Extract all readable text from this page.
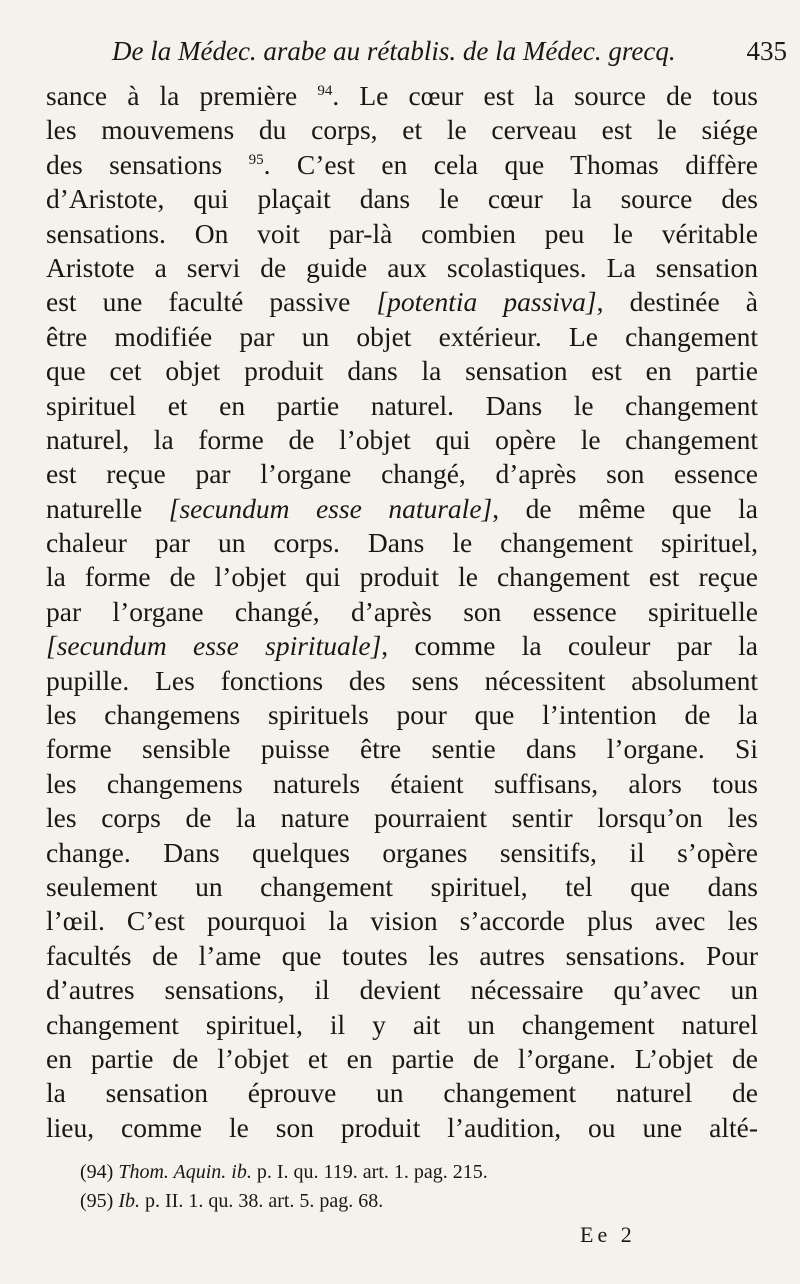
De la Médec. arabe au rétablis. de la Médec. grecq.	435
sance à la première $^{94}$. Le cœur est la source de tous
les mouvemens du corps, et le cerveau est le siége
des sensations $^{95}$. C’est en cela que Thomas diffère
d’Aristote, qui plaçait dans le cœur la source des
sensations. On voit par-là combien peu le véritable
Aristote a servi de guide aux scolastiques. La sensation
est une faculté passive [potentia passiva], destinée à
être modifiée par un objet extérieur. Le changement
que cet objet produit dans la sensation est en partie
spirituel et en partie naturel. Dans le changement
naturel, la forme de l’objet qui opère le changement
est reçue par l’organe changé, d’après son essence
naturelle [secundum esse naturale], de même que la
chaleur par un corps. Dans le changement spirituel,
la forme de l’objet qui produit le changement est reçue
par l’organe changé, d’après son essence spirituelle
[secundum esse spirituale], comme la couleur par la
pupille. Les fonctions des sens nécessitent absolument
les changemens spirituels pour que l’intention de la
forme sensible puisse être sentie dans l’organe. Si
les changemens naturels étaient suffisans, alors tous
les corps de la nature pourraient sentir lorsqu’on les
change. Dans quelques organes sensitifs, il s’opère
seulement un changement spirituel, tel que dans
l’œil. C’est pourquoi la vision s’accorde plus avec les
facultés de l’ame que toutes les autres sensations. Pour
d’autres sensations, il devient nécessaire qu’avec un
changement spirituel, il y ait un changement naturel
en partie de l’objet et en partie de l’organe. L’objet de
la sensation éprouve un changement naturel de
lieu, comme le son produit l’audition, ou une alté-
(94) Thom. Aquin. ib. p. I. qu. 119. art. 1. pag. 215.
(95) Ib. p. II. 1. qu. 38. art. 5. pag. 68.
Ee 2
